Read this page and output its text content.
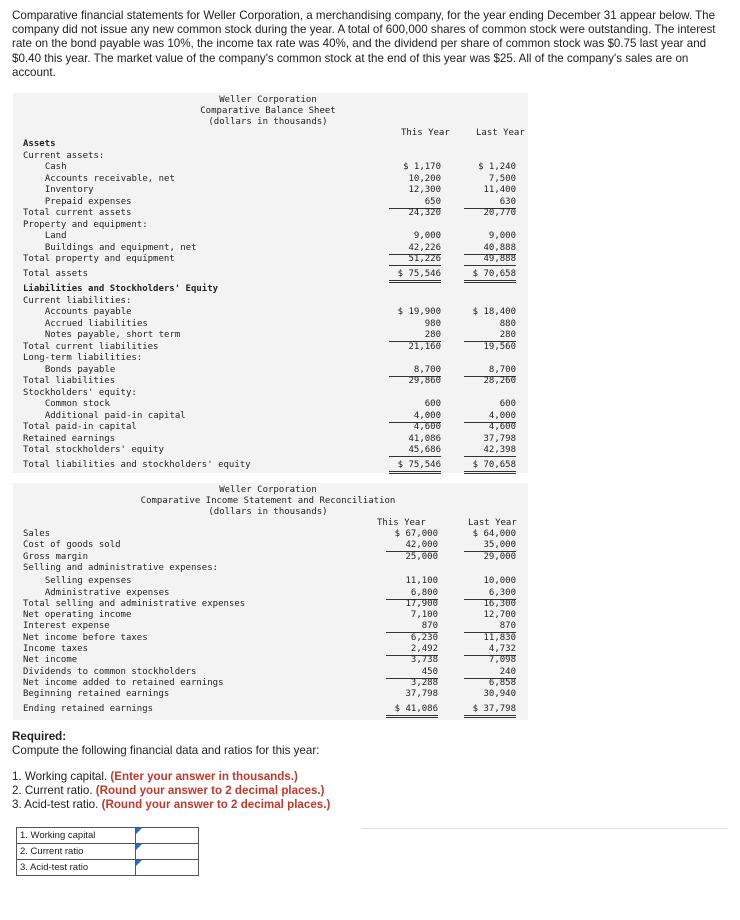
Comparative financial statements for Weller Corporation, a merchandising company, for the year ending December 31 appear below. The company did not issue any new common stock during the year. A total of 600,000 shares of common stock were outstanding. The interest rate on the bond payable was 10%, the income tax rate was 40%, and the dividend per share of common stock was $0.75 last year and $0.40 this year. The market value of the company's common stock at the end of this year was $25. All of the company's sales are on account.
Weller Corporation
Comparative Balance Sheet
(dollars in thousands)
This Year	Last Year
Assets
Current assets:
Cash	$ 1,170	$ 1,240
Accounts receivable, net	10,200	7,500
Inventory	12,300	11,400
Prepaid expenses	650	630
Total current assets	24,320	20,770
Property and equipment:
Land	9,000	9,000
Buildings and equipment, net	42,226	40,888
Total property and equipment	51,226	49,888
Total assets	$ 75,546	$ 70,658
Liabilities and Stockholders' Equity
Current liabilities:
Accounts payable	$ 19,900	$ 18,400
Accrued liabilities	980	880
Notes payable, short term	280	280
Total current liabilities	21,160	19,560
Long-term liabilities:
Bonds payable	8,700	8,700
Total liabilities	29,860	28,260
Stockholders' equity:
Common stock	600	600
Additional paid-in capital	4,000	4,000
Total paid-in capital	4,600	4,600
Retained earnings	41,086	37,798
Total stockholders' equity	45,686	42,398
Total liabilities and stockholders' equity	$ 75,546	$ 70,658
Weller Corporation
Comparative Income Statement and Reconciliation
(dollars in thousands)
This Year	Last Year
Sales	$ 67,000	$ 64,000
Cost of goods sold	42,000	35,000
Gross margin	25,000	29,000
Selling and administrative expenses:
Selling expenses	11,100	10,000
Administrative expenses	6,800	6,300
Total selling and administrative expenses	17,900	16,300
Net operating income	7,100	12,700
Interest expense	870	870
Net income before taxes	6,230	11,830
Income taxes	2,492	4,732
Net income	3,738	7,098
Dividends to common stockholders	450	240
Net income added to retained earnings	3,288	6,858
Beginning retained earnings	37,798	30,940
Ending retained earnings	$ 41,086	$ 37,798
Required:
Compute the following financial data and ratios for this year:
1. Working capital. (Enter your answer in thousands.)
2. Current ratio. (Round your answer to 2 decimal places.)
3. Acid-test ratio. (Round your answer to 2 decimal places.)
1. Working capital	

2. Current ratio	

3. Acid-test ratio	
